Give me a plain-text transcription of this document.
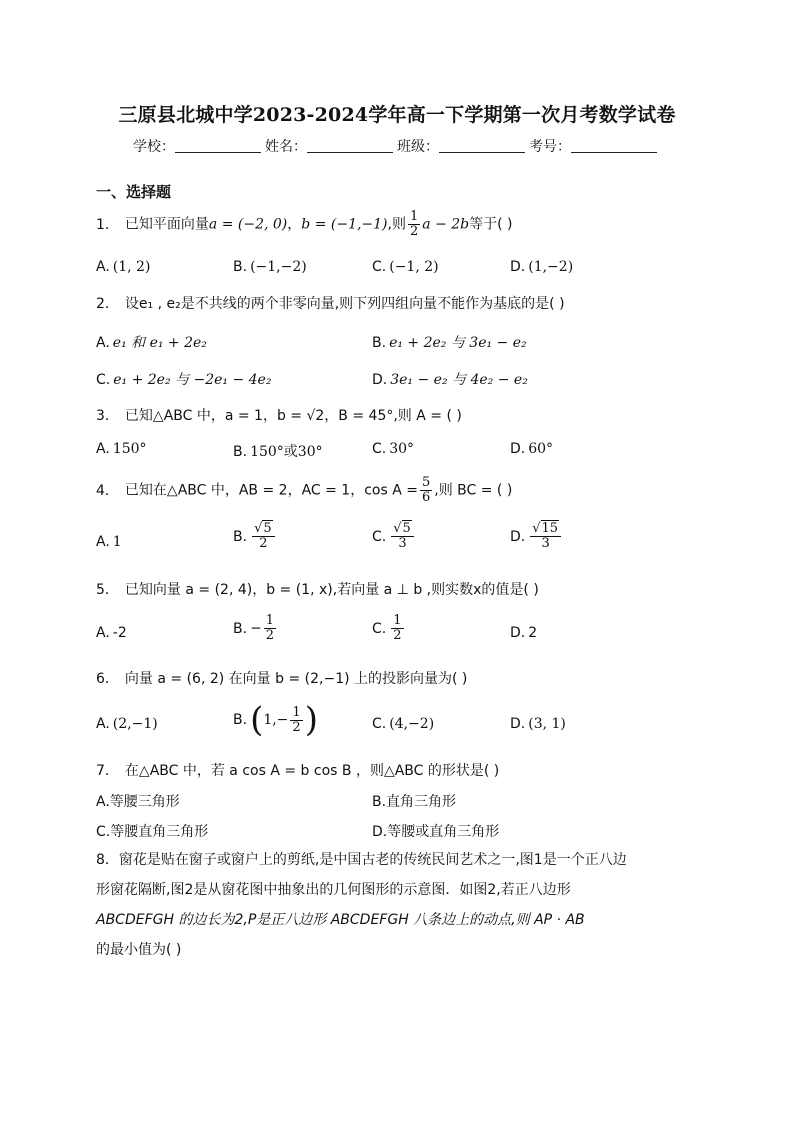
三原县北城中学2023-2024学年高一下学期第一次月考数学试卷
学校：	姓名：	班级：	考号：
一、选择题
1． 已知平面向量a = (−2, 0)，b = (−1,−1),则 $\frac{1}{2}$ a − 2b等于( )
A. (1, 2)	B. (−1,−2)	C. (−1, 2)	D. (1,−2)
2． 设e₁ , e₂是不共线的两个非零向量,则下列四组向量不能作为基底的是( )
A. e₁ 和 e₁ + 2e₂	B. e₁ + 2e₂ 与 3e₁ − e₂
C. e₁ + 2e₂ 与 −2e₁ − 4e₂	D. 3e₁ − e₂ 与 4e₂ − e₂
3． 已知△ABC 中，a = 1，b = √2，B = 45°,则 A = ( )
A. 150°	B. 150°或30°	C. 30°	D. 60°
4． 已知在△ABC 中，AB = 2，AC = 1，$\cos A = \frac{5}{6}$ ,则 BC = ( )
A. 1	B. $\frac{√5}{2}$	C. $\frac{√5}{3}$	D. $\frac{√15}{3}$
5． 已知向量 a = (2, 4)，b = (1, x),若向量 a ⊥ b ,则实数x的值是( )
A. -2	B. − $\frac{1}{2}$	C. $\frac{1}{2}$	D. 2
6． 向量 a = (6, 2) 在向量 b = (2,−1) 上的投影向量为( )
A. (2,−1)	$B.(1,- \frac{1}{2}$ )	C. (4,−2)	D. (3, 1)
7． 在△ABC 中，若 a cos A = b cos B ，则△ABC 的形状是( )
A.等腰三角形	B.直角三角形
C.等腰直角三角形	D.等腰或直角三角形
8．窗花是贴在窗子或窗户上的剪纸,是中国古老的传统民间艺术之一,图1是一个正八边
形窗花隔断,图2是从窗花图中抽象出的几何图形的示意图．如图2,若正八边形
ABCDEFGH 的边长为2,P是正八边形 ABCDEFGH 八条边上的动点,则 AP · AB
的最小值为( )
